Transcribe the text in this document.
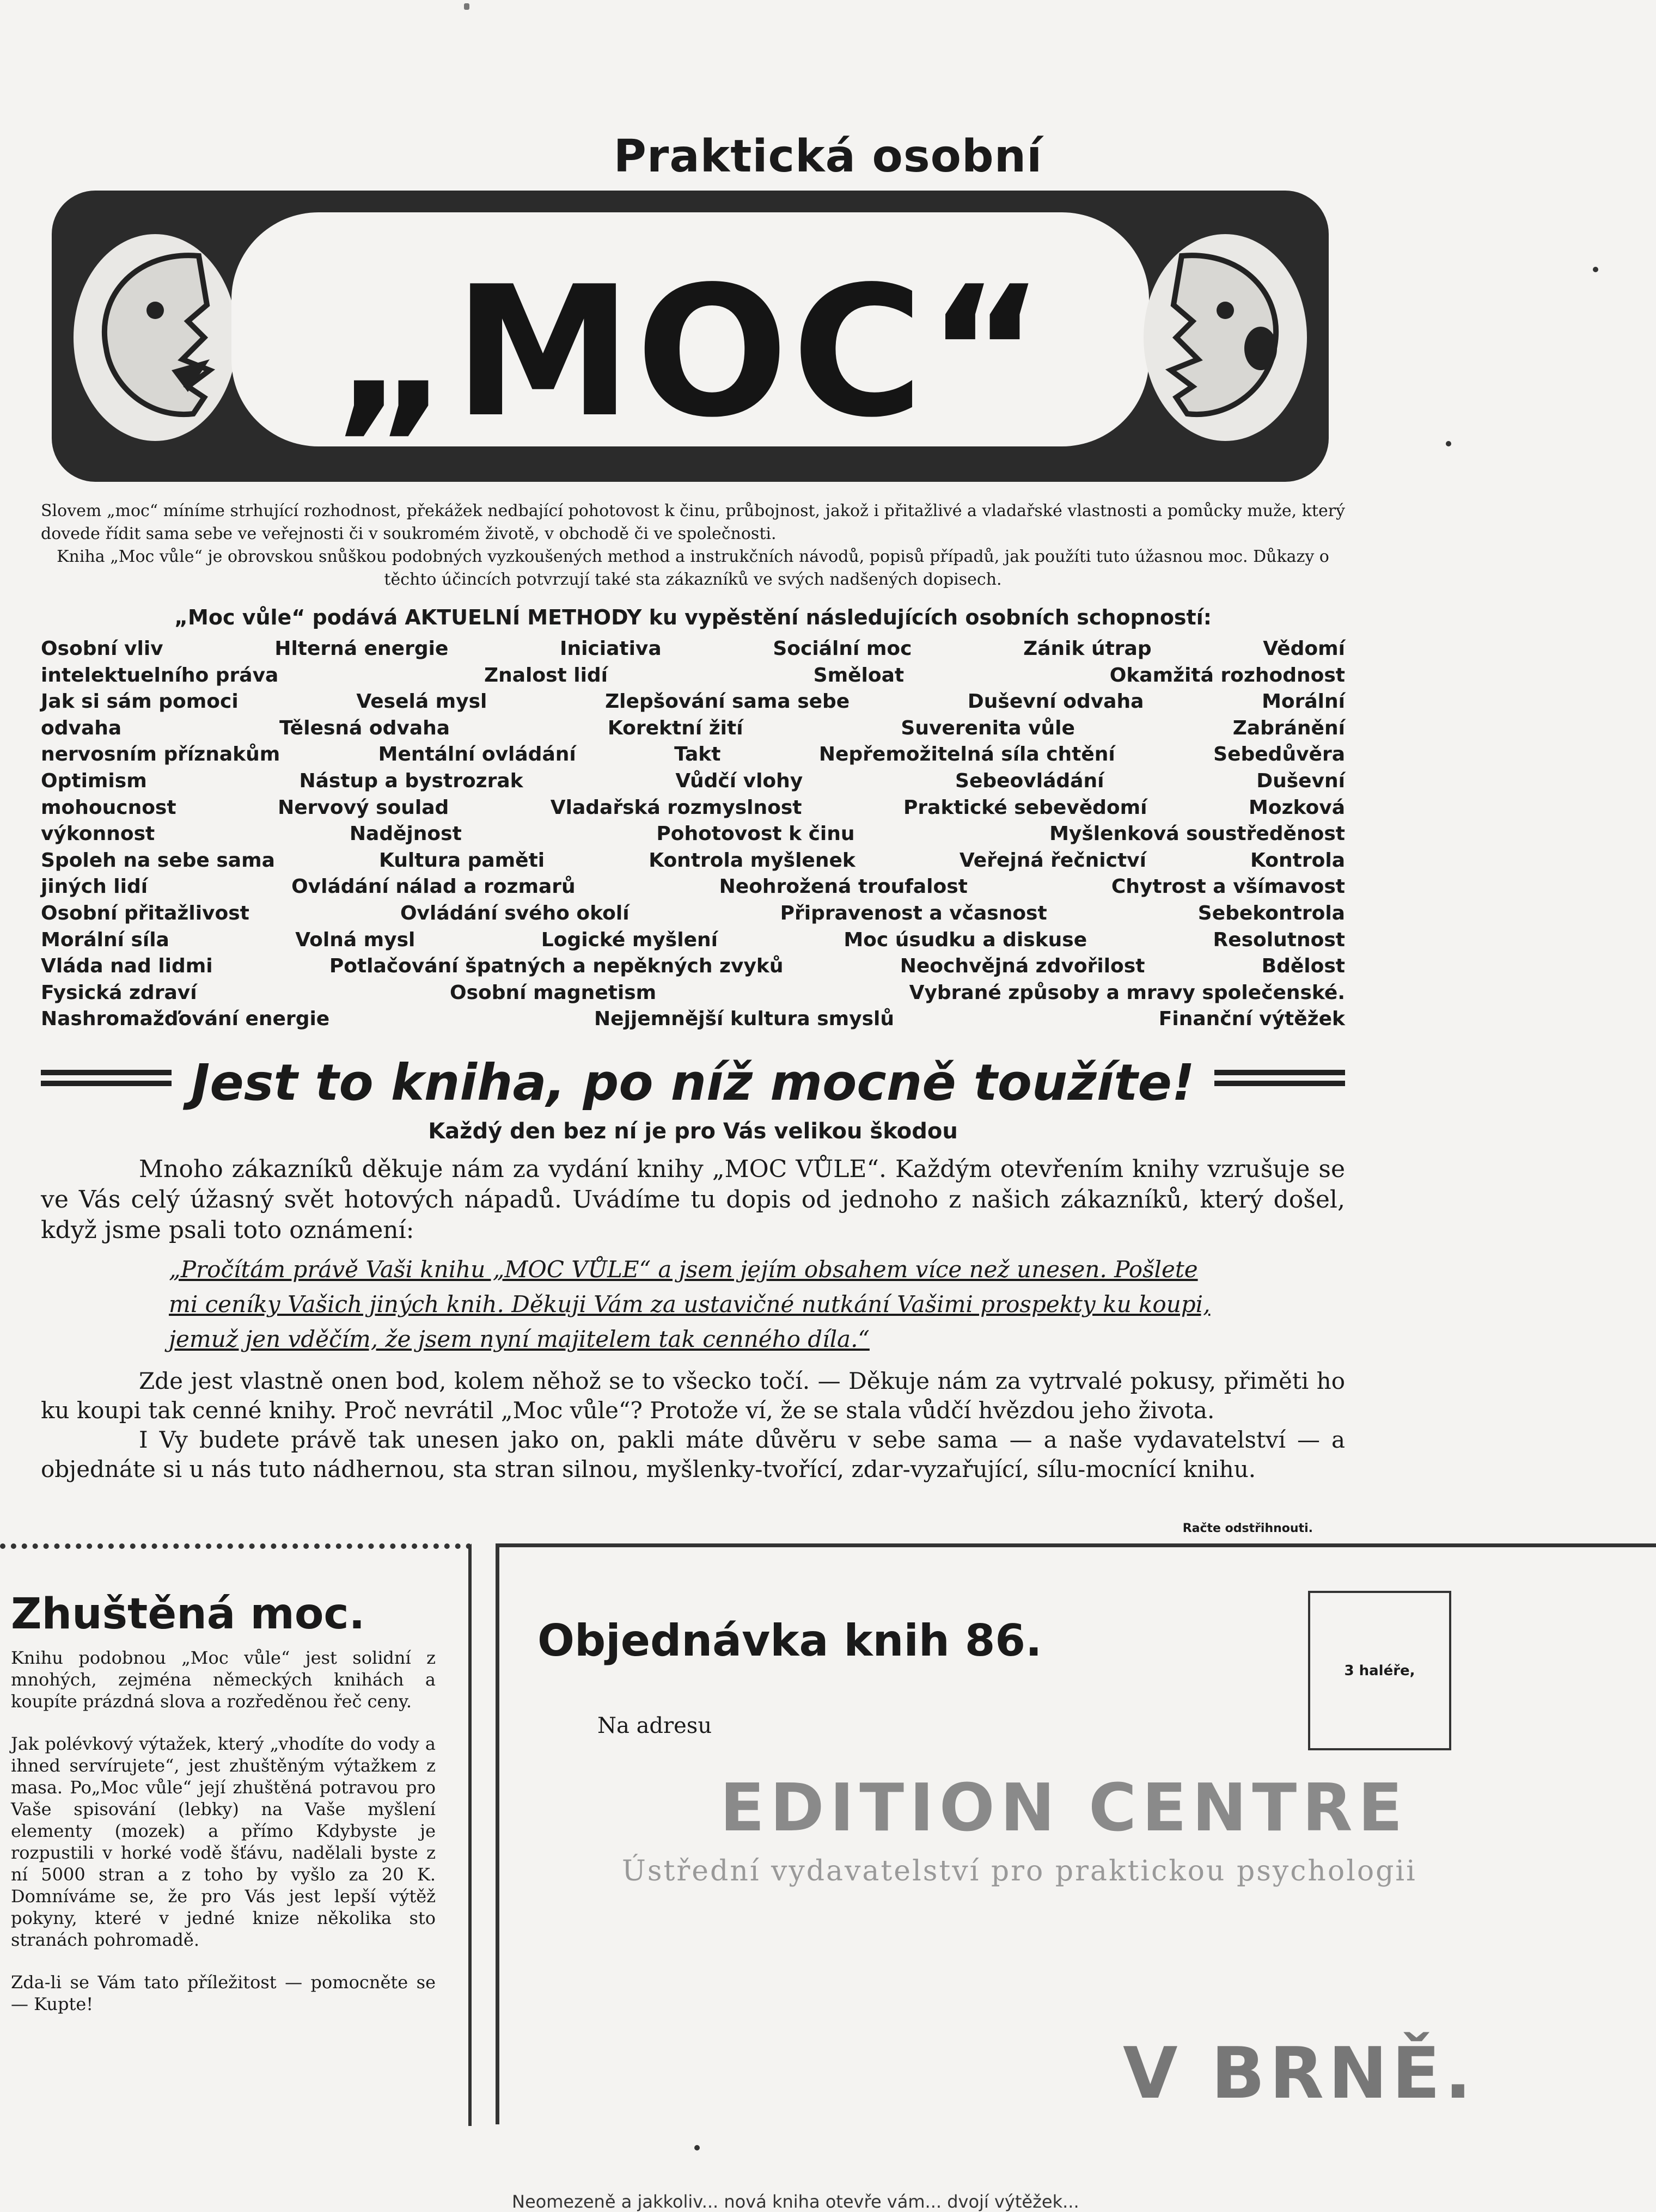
Praktická osobní
„MOC“
Slovem „moc“ míníme strhující rozhodnost, překážek nedbající pohotovost k činu, průbojnost, jakož i přitažlivé a vladařské vlastnosti a pomůcky muže, který dovede řídit sama sebe ve veřejnosti či v soukromém životě, v obchodě či ve společnosti.
Kniha „Moc vůle“ je obrovskou snůškou podobných vyzkoušených method a instrukčních návodů, popisů případů, jak použíti tuto úžasnou moc. Důkazy o těchto účincích potvrzují také sta zákazníků ve svých nadšených dopisech.
„Moc vůle“ podává AKTUELNÍ METHODY ku vypěstění následujících osobních schopností:
Osobní vliv	Hlterná energie	Iniciativa	Sociální moc	Zánik útrap	Vědomí
intelektuelního práva	Znalost lidí	Směloat	Okamžitá rozhodnost
Jak si sám pomoci	Veselá mysl	Zlepšování sama sebe	Duševní odvaha	Morální
odvaha	Tělesná odvaha	Korektní žití	Suverenita vůle	Zabránění
nervosním příznakům	Mentální ovládání	Takt	Nepřemožitelná síla chtění	Sebedůvěra
Optimism	Nástup a bystrozrak	Vůdčí vlohy	Sebeovládání	Duševní
mohoucnost	Nervový soulad	Vladařská rozmyslnost	Praktické sebevědomí	Mozková
výkonnost	Nadějnost	Pohotovost k činu	Myšlenková soustředěnost
Spoleh na sebe sama	Kultura paměti	Kontrola myšlenek	Veřejná řečnictví	Kontrola
jiných lidí	Ovládání nálad a rozmarů	Neohrožená troufalost	Chytrost a všímavost
Osobní přitažlivost	Ovládání svého okolí	Připravenost a včasnost	Sebekontrola
Morální síla	Volná mysl	Logické myšlení	Moc úsudku a diskuse	Resolutnost
Vláda nad lidmi	Potlačování špatných a nepěkných zvyků	Neochvějná zdvořilost	Bdělost
Fysická zdraví	Osobní magnetism	Vybrané způsoby a mravy společenské.
Nashromažďování energie	Nejjemnější kultura smyslů	Finanční výtěžek
Jest to kniha, po níž mocně toužíte!
Každý den bez ní je pro Vás velikou škodou

Mnoho zákazníků děkuje nám za vydání knihy „MOC VŮLE“. Každým otevřením knihy vzrušuje se ve Vás celý úžasný svět hotových nápadů. Uvádíme tu dopis od jednoho z našich zákazníků, který došel, když jsme psali toto oznámení:

„Pročítám právě Vaši knihu „MOC VŮLE“ a jsem jejím obsahem více než unesen. Pošlete mi ceníky Vašich jiných knih. Děkuji Vám za ustavičné nutkání Vašimi prospekty ku koupi, jemuž jen vděčím, že jsem nyní majitelem tak cenného díla.“

Zde jest vlastně onen bod, kolem něhož se to všecko točí. — Děkuje nám za vytrvalé pokusy, přiměti ho ku koupi tak cenné knihy. Proč nevrátil „Moc vůle“? Protože ví, že se stala vůdčí hvězdou jeho života.

I Vy budete právě tak unesen jako on, pakli máte důvěru v sebe sama — a naše vydavatelství — a objednáte si u nás tuto nádhernou, sta stran silnou, myšlenky-tvořící, zdar-vyzařující, sílu-mocnící knihu.

Račte odstřihnouti.
Zhuštěná moc.

Knihu podobnou „Moc vůle“ jest solidní z mnohých, zejména německých knihách a koupíte prázdná slova a rozředěnou řeč ceny.

Jak polévkový výtažek, který „vhodíte do vody a ihned servírujete“, jest zhuštěným výtažkem z masa. Po„Moc vůle“ její zhuštěná potravou pro Vaše spisování (lebky) na Vaše myšlení elementy (mozek) a přímo Kdybyste je rozpustili v horké vodě šťávu, nadělali byste z ní 5000 stran a z toho by vyšlo za 20 K. Domníváme se, že pro Vás jest lepší výtěž pokyny, které v jedné knize několika sto stranách pohromadě.

Zda-li se Vám tato příležitost — pomocněte se — Kupte!

Objednávka knih 86.
3 haléře,
Na adresu
EDITION CENTRE
Ústřední vydavatelství pro praktickou psychologii
V BRNĚ.
Neomezeně a jakkoliv... nová kniha otevře vám... dvojí výtěžek...
